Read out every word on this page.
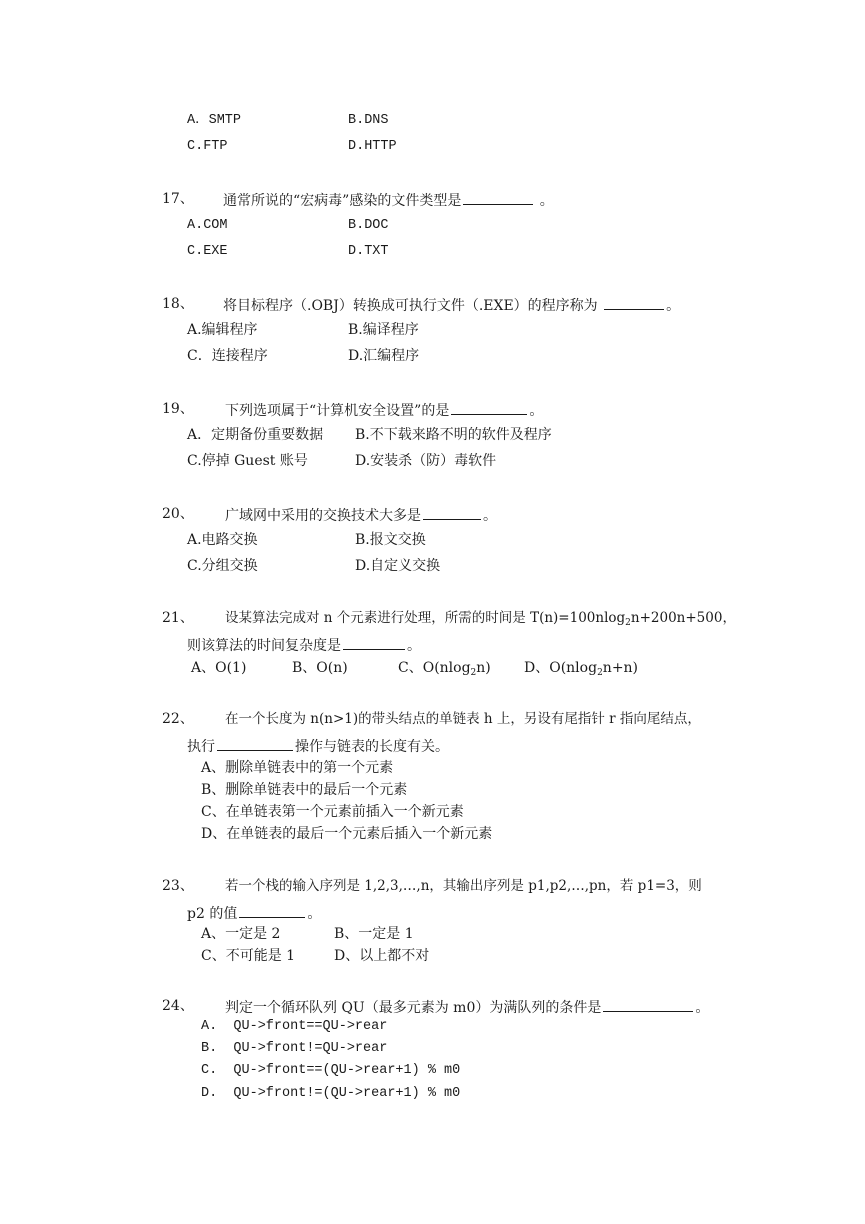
A．SMTP	B.DNS
C.FTP	D.HTTP
17、 通常所说的“宏病毒”感染的文件类型是	。
A.COM	B.DOC
C.EXE	D.TXT
18、 将目标程序（.OBJ）转换成可执行文件（.EXE）的程序称为	。
A.编辑程序	B.编译程序
C．连接程序	D.汇编程序
19、 下列选项属于“计算机安全设置”的是	。
A．定期备份重要数据 B.不下载来路不明的软件及程序
C.停掉 Guest 账号	D.安装杀（防）毒软件
20、 广域网中采用的交换技术大多是	。
A.电路交换	B.报文交换
C.分组交换	D.自定义交换
21、 设某算法完成对 n 个元素进行处理，所需的时间是 T(n)=100nlog$_2$n+200n+500，
则该算法的时间复杂度是	。
A、O(1)	B、O(n)	C、O(nlog$_2$n) D、O(nlog$_2$n+n)
22、 在一个长度为 n(n>1)的带头结点的单链表 h 上，另设有尾指针 r 指向尾结点，
执行	操作与链表的长度有关。
A、删除单链表中的第一个元素
B、删除单链表中的最后一个元素
C、在单链表第一个元素前插入一个新元素
D、在单链表的最后一个元素后插入一个新元素
23、 若一个栈的输入序列是 1,2,3,…,n，其输出序列是 p1,p2,…,pn，若 p1=3，则
p2 的值	。
A、一定是 2	B、一定是 1
C、不可能是 1	D、以上都不对
24、 判定一个循环队列 QU（最多元素为 m0）为满队列的条件是	。
A.  QU->front==QU->rear
B.  QU->front!=QU->rear
C.  QU->front==(QU->rear+1) % m0
D.  QU->front!=(QU->rear+1) % m0
